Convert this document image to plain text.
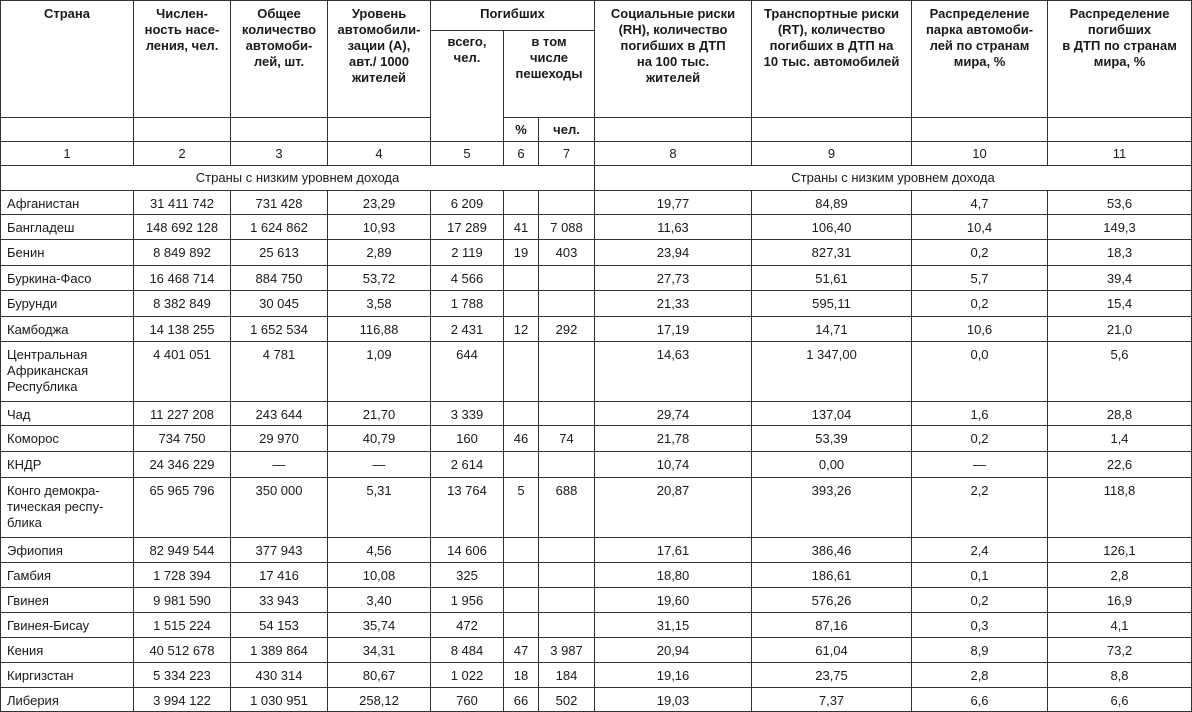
Страна	Числен-
ность насе-
ления, чел.	Общее
количество
автомоби-
лей, шт.	Уровень
автомобили-
зации (A),
авт./ 1000
жителей	Погибших			Социальные риски
(RH), количество
погибших в ДТП
на 100 тыс.
жителей	Транспортные риски
(RT), количество
погибших в ДТП на
10 тыс. автомобилей	Распределение
парка автомоби-
лей по странам
мира, %	Распределение
погибших
в ДТП по странам
мира, %
				всего,
чел.	в том
числе
пешеходы					
					%	чел.				
1	2	3	4	5	6	7	8	9	10	11
Страны с низким уровнем дохода							Страны с низким уровнем дохода			
Афганистан	31 411 742	731 428	23,29	6 209			19,77	84,89	4,7	53,6
Бангладеш	148 692 128	1 624 862	10,93	17 289	41	7 088	11,63	106,40	10,4	149,3
Бенин	8 849 892	25 613	2,89	2 119	19	403	23,94	827,31	0,2	18,3
Буркина-Фасо	16 468 714	884 750	53,72	4 566			27,73	51,61	5,7	39,4
Бурунди	8 382 849	30 045	3,58	1 788			21,33	595,11	0,2	15,4
Камбоджа	14 138 255	1 652 534	116,88	2 431	12	292	17,19	14,71	10,6	21,0
Центральная
Африканская
Республика	4 401 051	4 781	1,09	644			14,63	1 347,00	0,0	5,6
Чад	11 227 208	243 644	21,70	3 339			29,74	137,04	1,6	28,8
Коморос	734 750	29 970	40,79	160	46	74	21,78	53,39	0,2	1,4
КНДР	24 346 229	—	—	2 614			10,74	0,00	—	22,6
Конго демокра-
тическая респу-
блика	65 965 796	350 000	5,31	13 764	5	688	20,87	393,26	2,2	118,8
Эфиопия	82 949 544	377 943	4,56	14 606			17,61	386,46	2,4	126,1
Гамбия	1 728 394	17 416	10,08	325			18,80	186,61	0,1	2,8
Гвинея	9 981 590	33 943	3,40	1 956			19,60	576,26	0,2	16,9
Гвинея-Бисау	1 515 224	54 153	35,74	472			31,15	87,16	0,3	4,1
Кения	40 512 678	1 389 864	34,31	8 484	47	3 987	20,94	61,04	8,9	73,2
Киргизстан	5 334 223	430 314	80,67	1 022	18	184	19,16	23,75	2,8	8,8
Либерия	3 994 122	1 030 951	258,12	760	66	502	19,03	7,37	6,6	6,6
